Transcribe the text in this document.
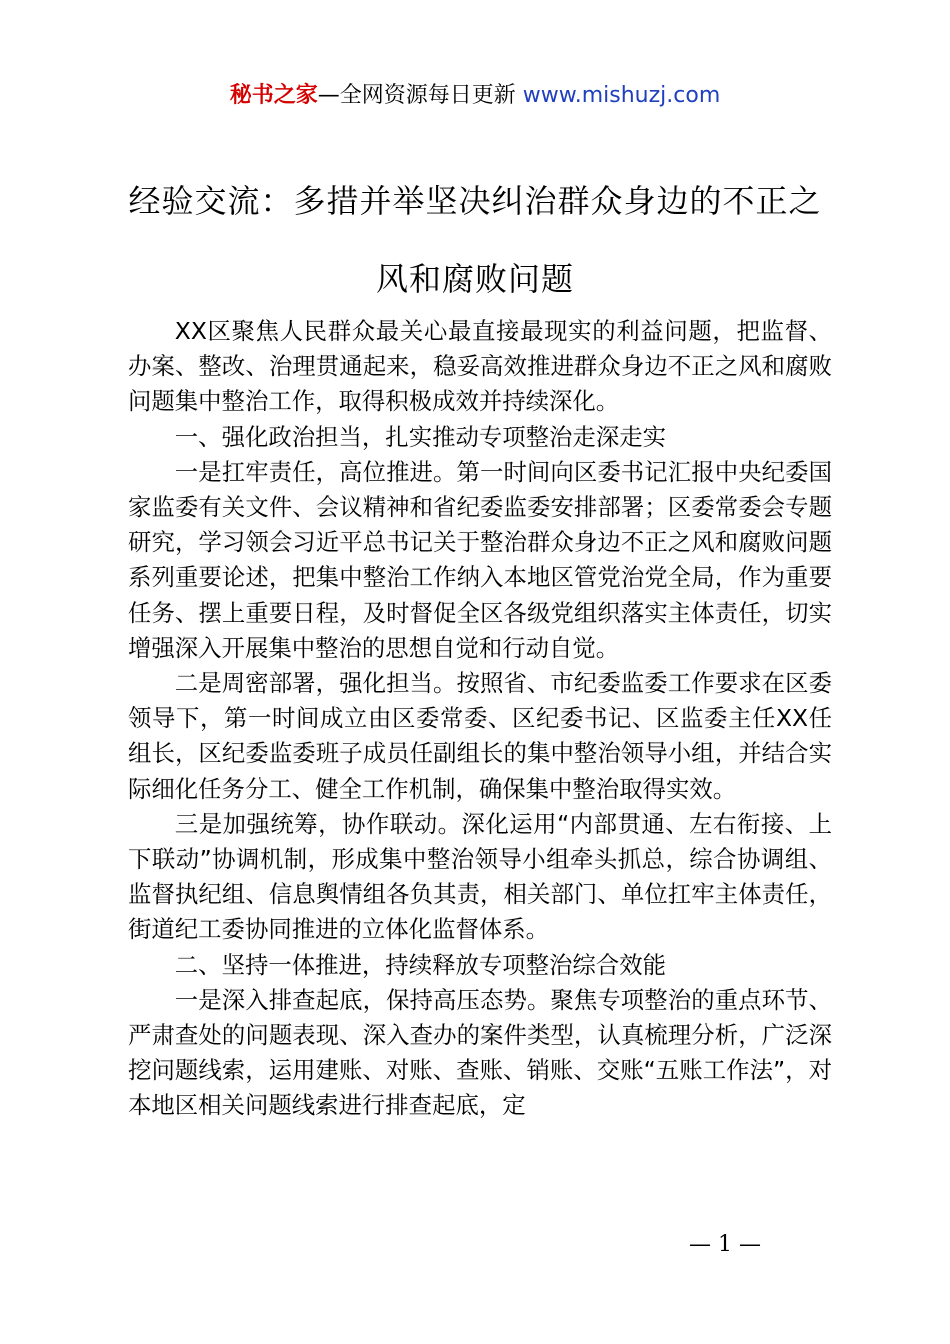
秘书之家—全网资源每日更新 www.mishuzj.com
经验交流：多措并举坚决纠治群众身边的不正之风和腐败问题

XX区聚焦人民群众最关心最直接最现实的利益问题，把监督、办案、整改、治理贯通起来，稳妥高效推进群众身边不正之风和腐败问题集中整治工作，取得积极成效并持续深化。

一、强化政治担当，扎实推动专项整治走深走实

一是扛牢责任，高位推进。第一时间向区委书记汇报中央纪委国家监委有关文件、会议精神和省纪委监委安排部署；区委常委会专题研究，学习领会习近平总书记关于整治群众身边不正之风和腐败问题系列重要论述，把集中整治工作纳入本地区管党治党全局，作为重要任务、摆上重要日程，及时督促全区各级党组织落实主体责任，切实增强深入开展集中整治的思想自觉和行动自觉。

二是周密部署，强化担当。按照省、市纪委监委工作要求在区委领导下，第一时间成立由区委常委、区纪委书记、区监委主任XX任组长，区纪委监委班子成员任副组长的集中整治领导小组，并结合实际细化任务分工、健全工作机制，确保集中整治取得实效。

三是加强统筹，协作联动。深化运用“内部贯通、左右衔接、上下联动”协调机制，形成集中整治领导小组牵头抓总，综合协调组、监督执纪组、信息舆情组各负其责，相关部门、单位扛牢主体责任，街道纪工委协同推进的立体化监督体系。

二、坚持一体推进，持续释放专项整治综合效能

一是深入排查起底，保持高压态势。聚焦专项整治的重点环节、严肃查处的问题表现、深入查办的案件类型，认真梳理分析，广泛深挖问题线索，运用建账、对账、查账、销账、交账“五账工作法”，对本地区相关问题线索进行排查起底，定

— 1 —
